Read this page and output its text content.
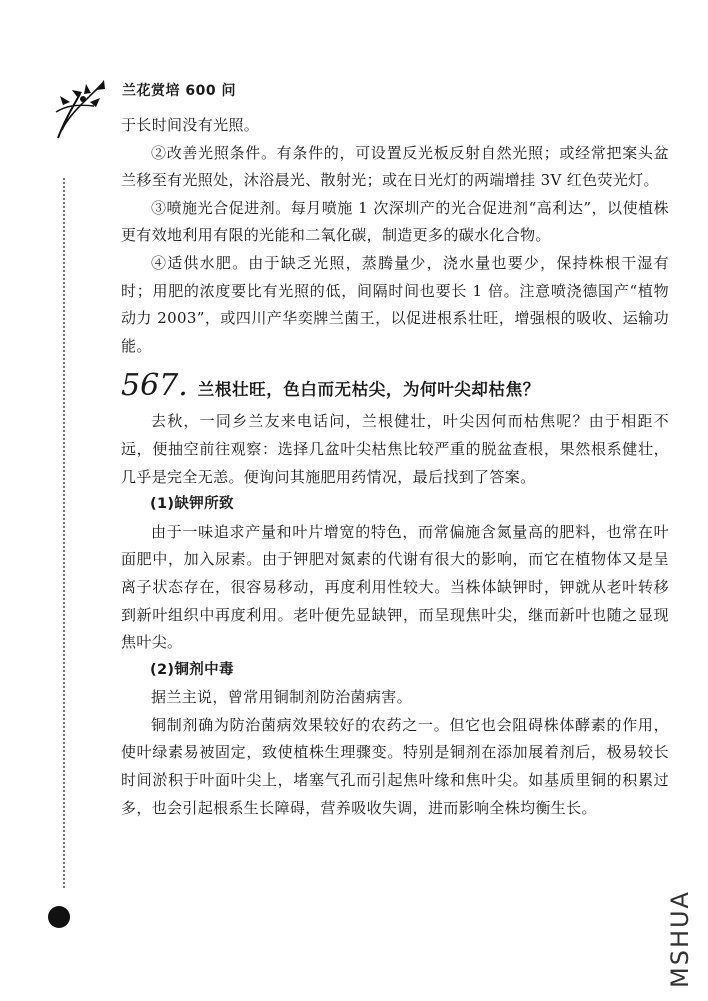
兰花赏培 600 问

于长时间没有光照。

②改善光照条件。有条件的，可设置反光板反射自然光照；或经常把案头盆兰移至有光照处，沐浴晨光、散射光；或在日光灯的两端增挂 3V 红色荧光灯。

③喷施光合促进剂。每月喷施 1 次深圳产的光合促进剂“高利达”，以使植株更有效地利用有限的光能和二氧化碳，制造更多的碳水化合物。

④适供水肥。由于缺乏光照，蒸腾量少，浇水量也要少，保持株根干湿有时；用肥的浓度要比有光照的低，间隔时间也要长 1 倍。注意喷浇德国产“植物动力 2003”，或四川产华奕牌兰菌王，以促进根系壮旺，增强根的吸收、运输功能。

567. 兰根壮旺，色白而无枯尖，为何叶尖却枯焦？

去秋，一同乡兰友来电话问，兰根健壮，叶尖因何而枯焦呢？由于相距不远，便抽空前往观察：选择几盆叶尖枯焦比较严重的脱盆查根，果然根系健壮，几乎是完全无恙。便询问其施肥用药情况，最后找到了答案。

(1)缺钾所致

由于一味追求产量和叶片增宽的特色，而常偏施含氮量高的肥料，也常在叶面肥中，加入尿素。由于钾肥对氮素的代谢有很大的影响，而它在植物体又是呈离子状态存在，很容易移动，再度利用性较大。当株体缺钾时，钾就从老叶转移到新叶组织中再度利用。老叶便先显缺钾，而呈现焦叶尖，继而新叶也随之显现焦叶尖。

(2)铜剂中毒

据兰主说，曾常用铜制剂防治菌病害。

铜制剂确为防治菌病效果较好的农药之一。但它也会阻碍株体酵素的作用，使叶绿素易被固定，致使植株生理骤变。特别是铜剂在添加展着剂后，极易较长时间淤积于叶面叶尖上，堵塞气孔而引起焦叶缘和焦叶尖。如基质里铜的积累过多，也会引起根系生长障碍，营养吸收失调，进而影响全株均衡生长。

MSHUA
